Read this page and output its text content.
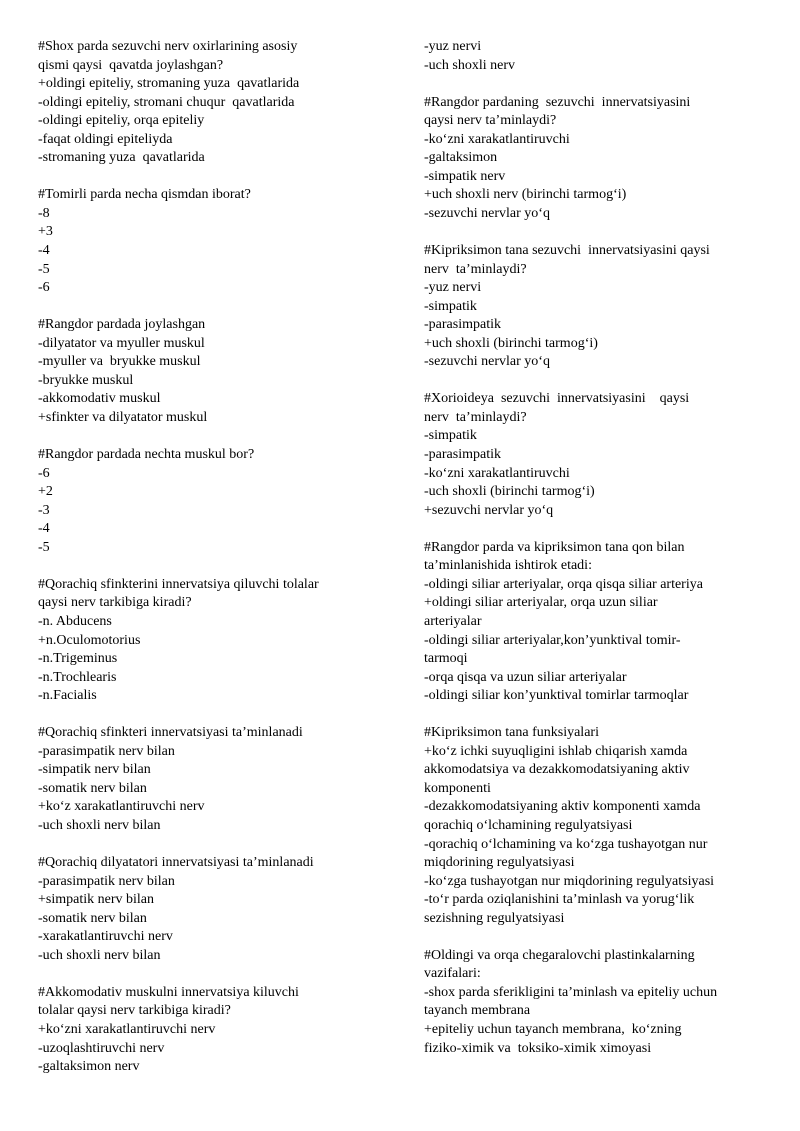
#Shox parda sezuvchi nerv oxirlarining asosiy
qismi qaysi  qavatda joylashgan?
+oldingi epiteliy, stromaning yuza  qavatlarida
-oldingi epiteliy, stromani chuqur  qavatlarida
-oldingi epiteliy, orqa epiteliy
-faqat oldingi epiteliyda
-stromaning yuza  qavatlarida
#Tomirli parda necha qismdan iborat?
-8
+3
-4
-5
-6
#Rangdor pardada joylashgan
-dilyatator va myuller muskul
-myuller va  bryukke muskul
-bryukke muskul
-akkomodativ muskul
+sfinkter va dilyatator muskul
#Rangdor pardada nechta muskul bor?
-6
+2
-3
-4
-5
#Qorachiq sfinkterini innervatsiya qiluvchi tolalar
qaysi nerv tarkibiga kiradi?
-n. Abducens
+n.Oculomotorius
-n.Trigeminus
-n.Trochlearis
-n.Facialis
#Qorachiq sfinkteri innervatsiyasi ta’minlanadi
-parasimpatik nerv bilan
-simpatik nerv bilan
-somatik nerv bilan
+ko‘z xarakatlantiruvchi nerv
-uch shoxli nerv bilan
#Qorachiq dilyatatori innervatsiyasi ta’minlanadi
-parasimpatik nerv bilan
+simpatik nerv bilan
-somatik nerv bilan
-xarakatlantiruvchi nerv
-uch shoxli nerv bilan
#Akkomodativ muskulni innervatsiya kiluvchi
tolalar qaysi nerv tarkibiga kiradi?
+ko‘zni xarakatlantiruvchi nerv
-uzoqlashtiruvchi nerv
-galtaksimon nerv
-yuz nervi
-uch shoxli nerv
#Rangdor pardaning  sezuvchi  innervatsiyasini
qaysi nerv ta’minlaydi?
-ko‘zni xarakatlantiruvchi
-galtaksimon
-simpatik nerv
+uch shoxli nerv (birinchi tarmog‘i)
-sezuvchi nervlar yo‘q
#Kipriksimon tana sezuvchi  innervatsiyasini qaysi
nerv  ta’minlaydi?
-yuz nervi
-simpatik
-parasimpatik
+uch shoxli (birinchi tarmog‘i)
-sezuvchi nervlar yo‘q
#Xorioideya  sezuvchi  innervatsiyasini    qaysi
nerv  ta’minlaydi?
-simpatik
-parasimpatik
-ko‘zni xarakatlantiruvchi
-uch shoxli (birinchi tarmog‘i)
+sezuvchi nervlar yo‘q
#Rangdor parda va kipriksimon tana qon bilan
ta’minlanishida ishtirok etadi:
-oldingi siliar arteriyalar, orqa qisqa siliar arteriya
+oldingi siliar arteriyalar, orqa uzun siliar
arteriyalar
-oldingi siliar arteriyalar,kon’yunktival tomir-
tarmoqi
-orqa qisqa va uzun siliar arteriyalar
-oldingi siliar kon’yunktival tomirlar tarmoqlar
#Kipriksimon tana funksiyalari
+ko‘z ichki suyuqligini ishlab chiqarish xamda
akkomodatsiya va dezakkomodatsiyaning aktiv
komponenti
-dezakkomodatsiyaning aktiv komponenti xamda
qorachiq o‘lchamining regulyatsiyasi
-qorachiq o‘lchamining va ko‘zga tushayotgan nur
miqdorining regulyatsiyasi
-ko‘zga tushayotgan nur miqdorining regulyatsiyasi
-to‘r parda oziqlanishini ta’minlash va yorug‘lik
sezishning regulyatsiyasi
#Oldingi va orqa chegaralovchi plastinkalarning
vazifalari:
-shox parda sferikligini ta’minlash va epiteliy uchun
tayanch membrana
+epiteliy uchun tayanch membrana,  ko‘zning
fiziko-ximik va  toksiko-ximik ximoyasi
